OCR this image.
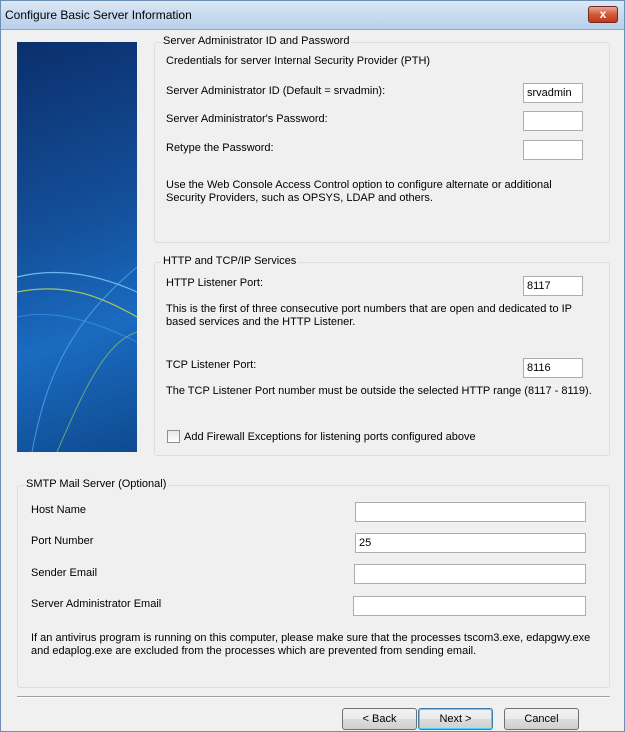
Configure Basic Server Information	x
Server Administrator ID and Password
Credentials for server Internal Security Provider (PTH)
Server Administrator ID (Default = srvadmin):	srvadmin
Server Administrator's Password:
Retype the Password:
Use the Web Console Access Control option to configure alternate or additional Security Providers, such as OPSYS, LDAP and others.
HTTP and TCP/IP Services
HTTP Listener Port:	8117
This is the first of three consecutive port numbers that are open and dedicated to IP based services and the HTTP Listener.
TCP Listener Port:	8116
The TCP Listener Port number must be outside the selected HTTP range (8117 - 8119).
Add Firewall Exceptions for listening ports configured above
SMTP Mail Server (Optional)
Host Name
Port Number	25
Sender Email
Server Administrator Email
If an antivirus program is running on this computer, please make sure that the processes tscom3.exe, edapgwy.exe and edaplog.exe are excluded from the processes which are prevented from sending email.
< Back	Next >	Cancel
